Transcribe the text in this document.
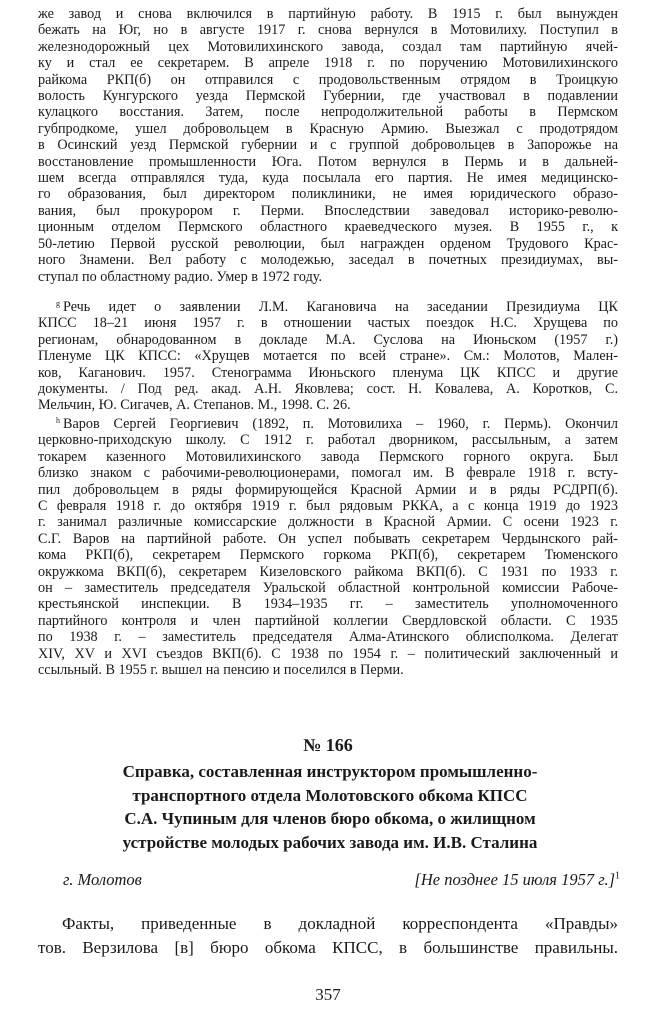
же завод и снова включился в партийную работу. В 1915 г. был вынужден
бежать на Юг, но в августе 1917 г. снова вернулся в Мотовилиху. Поступил в
железнодорожный цех Мотовилихинского завода, создал там партийную ячей-
ку и стал ее секретарем. В апреле 1918 г. по поручению Мотовилихинского
райкома РКП(б) он отправился с продовольственным отрядом в Троицкую
волость Кунгурского уезда Пермской Губернии, где участвовал в подавлении
кулацкого восстания. Затем, после непродолжительной работы в Пермском
губпродкоме, ушел добровольцем в Красную Армию. Выезжал с продотрядом
в Осинский уезд Пермской губернии и с группой добровольцев в Запорожье на
восстановление промышленности Юга. Потом вернулся в Пермь и в дальней-
шем всегда отправлялся туда, куда посылала его партия. Не имея медицинско-
го образования, был директором поликлиники, не имея юридического образо-
вания, был прокурором г. Перми. Впоследствии заведовал историко-револю-
ционным отделом Пермского областного краеведческого музея. В 1955 г., к
50-летию Первой русской революции, был награжден орденом Трудового Крас-
ного Знамени. Вел работу с молодежью, заседал в почетных президиумах, вы-
ступал по областному радио. Умер в 1972 году.
$^g$ Речь идет о заявлении Л.М. Кагановича на заседании Президиума ЦК
КПСС 18–21 июня 1957 г. в отношении частых поездок Н.С. Хрущева по
регионам, обнародованном в докладе М.А. Суслова на Июньском (1957 г.)
Пленуме ЦК КПСС: «Хрущев мотается по всей стране». См.: Молотов, Мален-
ков, Каганович. 1957. Стенограмма Июньского пленума ЦК КПСС и другие
документы. / Под ред. акад. А.Н. Яковлева; сост. Н. Ковалева, А. Коротков, С.
Мельчин, Ю. Сигачев, А. Степанов. М., 1998. С. 26.
$^h$ Варов Сергей Георгиевич (1892, п. Мотовилиха – 1960, г. Пермь). Окончил
церковно-приходскую школу. С 1912 г. работал дворником, рассыльным, а затем
токарем казенного Мотовилихинского завода Пермского горного округа. Был
близко знаком с рабочими-революционерами, помогал им. В феврале 1918 г. всту-
пил добровольцем в ряды формирующейся Красной Армии и в ряды РСДРП(б).
С февраля 1918 г. до октября 1919 г. был рядовым РККА, а с конца 1919 до 1923
г. занимал различные комиссарские должности в Красной Армии. С осени 1923 г.
С.Г. Варов на партийной работе. Он успел побывать секретарем Чердынского рай-
кома РКП(б), секретарем Пермского горкома РКП(б), секретарем Тюменского
окружкома ВКП(б), секретарем Кизеловского райкома ВКП(б). С 1931 по 1933 г.
он – заместитель председателя Уральской областной контрольной комиссии Рабоче-
крестьянской инспекции. В 1934–1935 гг. – заместитель уполномоченного
партийного контроля и член партийной коллегии Свердловской области. С 1935
по 1938 г. – заместитель председателя Алма-Атинского облисполкома. Делегат
XIV, XV и XVI съездов ВКП(б). С 1938 по 1954 г. – политический заключенный и
ссыльный. В 1955 г. вышел на пенсию и поселился в Перми.
№ 166
Справка, составленная инструктором промышленно-
транспортного отдела Молотовского обкома КПСС
С.А. Чупиным для членов бюро обкома, о жилищном
устройстве молодых рабочих завода им. И.В. Сталина
г. Молотов	[Не позднее 15 июля 1957 г.]$^1$
Факты, приведенные в докладной корреспондента «Правды»
тов. Верзилова [в] бюро обкома КПСС, в большинстве правильны.
357
